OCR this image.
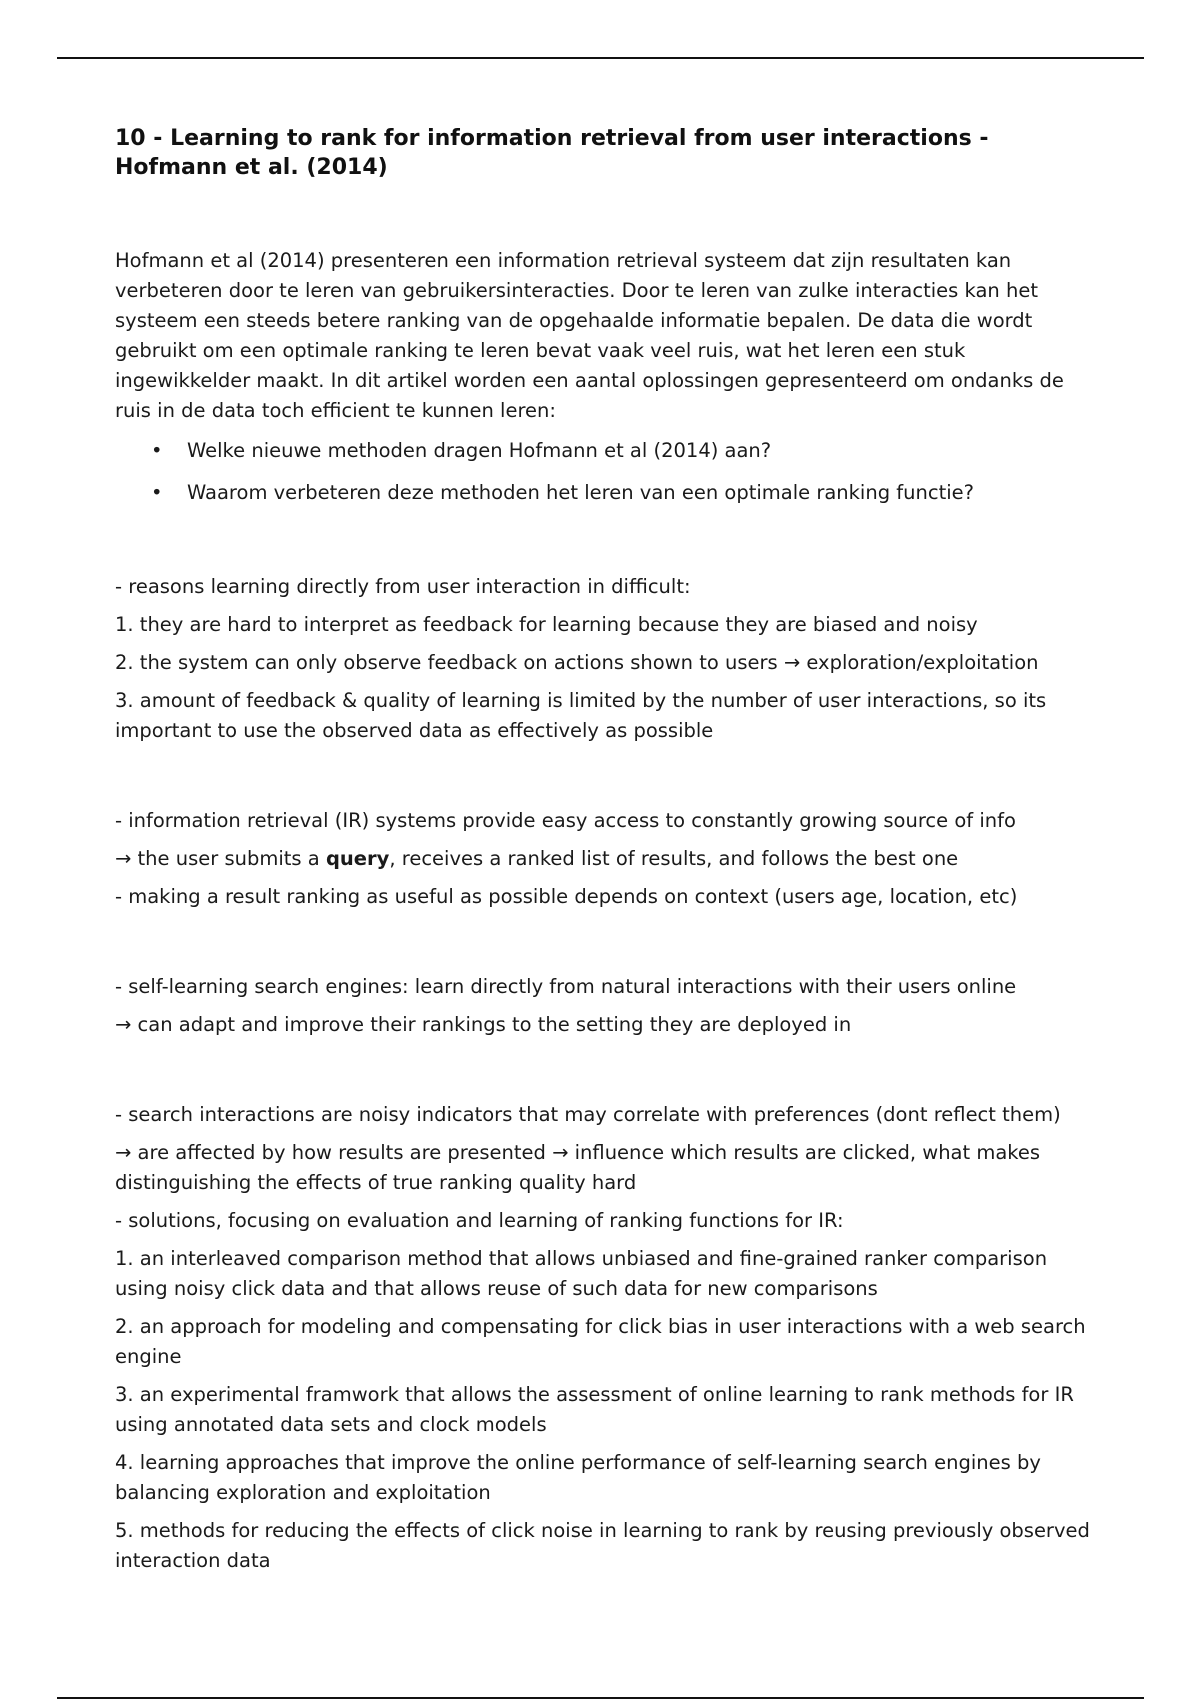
10 - Learning to rank for information retrieval from user interactions - Hofmann et al. (2014)

Hofmann et al (2014) presenteren een information retrieval systeem dat zijn resultaten kan verbeteren door te leren van gebruikersinteracties. Door te leren van zulke interacties kan het systeem een steeds betere ranking van de opgehaalde informatie bepalen. De data die wordt gebruikt om een optimale ranking te leren bevat vaak veel ruis, wat het leren een stuk ingewikkelder maakt. In dit artikel worden een aantal oplossingen gepresenteerd om ondanks de ruis in de data toch efficient te kunnen leren:

• Welke nieuwe methoden dragen Hofmann et al (2014) aan?
• Waarom verbeteren deze methoden het leren van een optimale ranking functie?

- reasons learning directly from user interaction in difficult:

1. they are hard to interpret as feedback for learning because they are biased and noisy

2. the system can only observe feedback on actions shown to users → exploration/exploitation

3. amount of feedback & quality of learning is limited by the number of user interactions, so its important to use the observed data as effectively as possible

- information retrieval (IR) systems provide easy access to constantly growing source of info

→ the user submits a query, receives a ranked list of results, and follows the best one

- making a result ranking as useful as possible depends on context (users age, location, etc)

- self-learning search engines: learn directly from natural interactions with their users online

→ can adapt and improve their rankings to the setting they are deployed in

- search interactions are noisy indicators that may correlate with preferences (dont reflect them)

→ are affected by how results are presented → influence which results are clicked, what makes distinguishing the effects of true ranking quality hard

- solutions, focusing on evaluation and learning of ranking functions for IR:

1. an interleaved comparison method that allows unbiased and fine-grained ranker comparison using noisy click data and that allows reuse of such data for new comparisons

2. an approach for modeling and compensating for click bias in user interactions with a web search engine

3. an experimental framwork that allows the assessment of online learning to rank methods for IR using annotated data sets and clock models

4. learning approaches that improve the online performance of self-learning search engines by balancing exploration and exploitation

5. methods for reducing the effects of click noise in learning to rank by reusing previously observed interaction data
